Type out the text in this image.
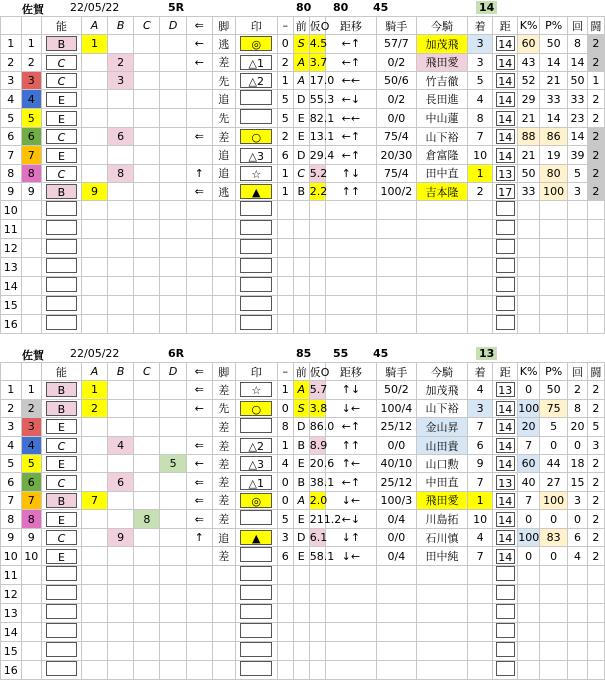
佐賀 22/05/22	5R	80 80 45	14
		能	A	B	C	D	⇐	脚	印	–	前	仮O	距移	騎手	今騎	着	距	K%	P%	回	闘
1	1	B	1				←	逃	◎	0	S	4.5	←↑	57/7	加茂飛	3	14	60	50	8	2
2	2	C		2			←	差	△1	2	A	3.7	←↑	0/2	飛田愛	3	14	43	14	14	2
3	3	C		3				先	△2	1	A	17.0	←←	50/6	竹吉徹	5	14	52	21	50	1
4	4	E						追		5	D	55.3	←↓	0/2	長田進	4	14	29	33	33	2
5	5	E						先		5	E	82.1	←←	0/0	中山蓮	8	14	21	14	23	2
6	6	C		6			⇐	差	○	2	E	13.1	←↑	75/4	山下裕	7	14	88	86	14	2
7	7	E						追	△3	6	D	29.4	←↑	20/30	倉富隆	10	14	21	19	39	2
8	8	C		8			↑	追	☆	1	C	5.2	↑↓	75/4	田中直	1	13	50	80	5	2
9	9	B	9				⇐	逃	▲	1	B	2.2	↑↑	100/2	吉本隆	2	17	33	100	3	2
10																					
11																					
12																					
13																					
14																					
15																					
16																					
佐賀 22/05/22	6R	85 55 45	13
		能	A	B	C	D	⇐	脚	印	–	前	仮O	距移	騎手	今騎	着	距	K%	P%	回	闘
1	1	B	1				⇐	差	☆	1	A	5.7	↑↓	50/2	加茂飛	4	13	0	50	2	2
2	2	B	2				←	先	○	0	S	3.8	↓←	100/4	山下裕	3	14	100	75	8	2
3	3	E						差		8	D	86.0	←↑	25/12	金山昇	7	14	20	5	20	5
4	4	C		4			⇐	差	△2	1	B	8.9	↑↑	0/0	山田貴	6	14	7	0	0	3
5	5	E				5	←	差	△3	4	E	20.6	↑←	40/10	山口勲	9	14	60	44	18	2
6	6	C		6			⇐	差	△1	0	B	38.1	←↑	25/12	中田直	7	13	40	27	15	2
7	7	B	7				⇐	差	◎	0	A	2.0	↓←	100/3	飛田愛	1	14	7	100	3	2
8	8	E			8		⇐	差		5	E	211.2	←↓	0/4	川島拓	10	14	0	0	0	2
9	9	C		9			↑	追	▲	3	D	6.1	↓↑	0/0	石川慎	4	14	100	83	6	2
10	10	E						差		6	E	58.1	↓←	0/4	田中純	7	14	0	0	4	2
11																					
12																					
13																					
14																					
15																					
16																					
